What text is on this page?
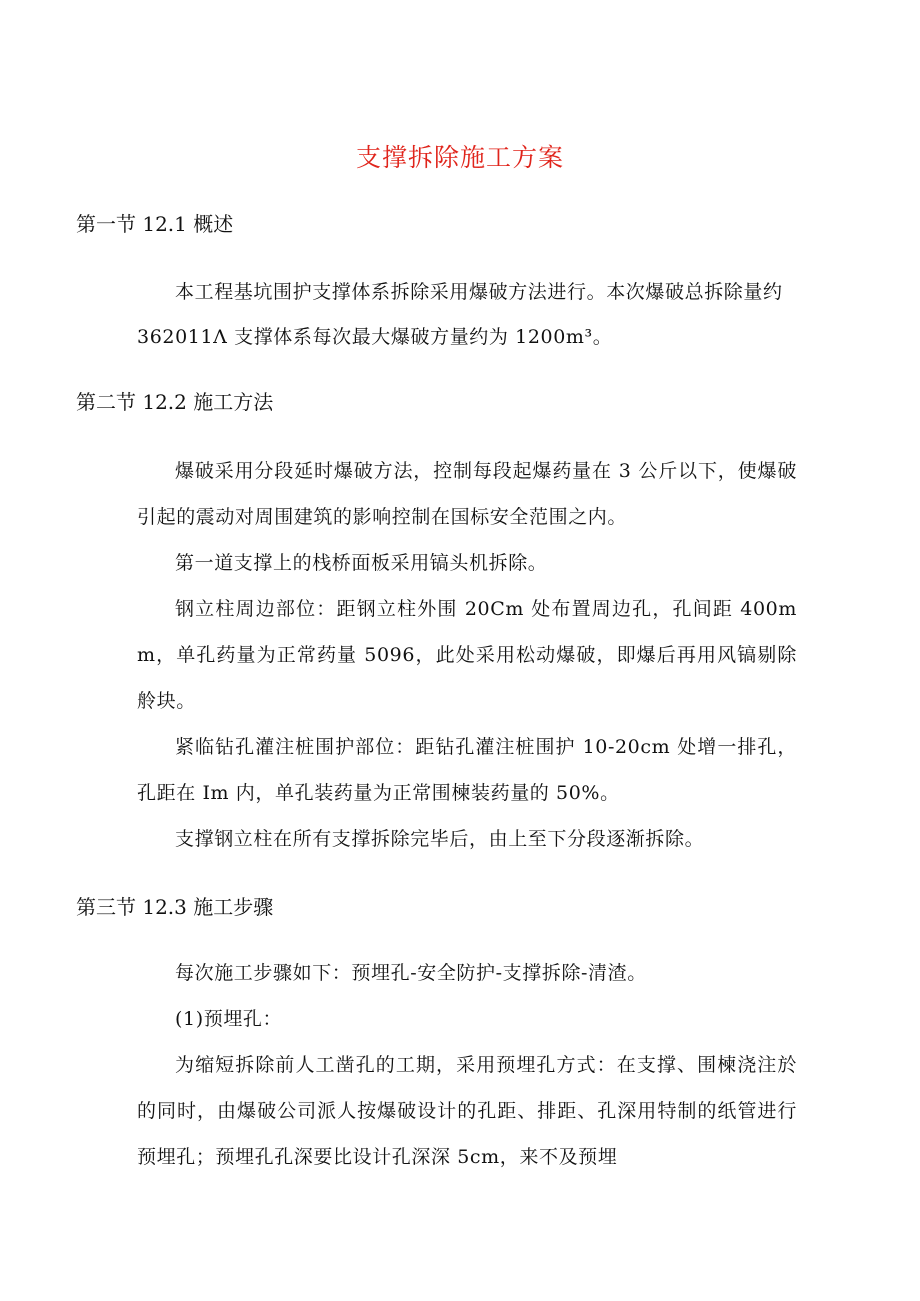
支撑拆除施工方案
第一节 12.1 概述
本工程基坑围护支撑体系拆除采用爆破方法进行。本次爆破总拆除量约
362011Λ 支撑体系每次最大爆破方量约为 1200m³。
第二节 12.2 施工方法
爆破采用分段延时爆破方法，控制每段起爆药量在 3 公斤以下，使爆破引起的震动对周围建筑的影响控制在国标安全范围之内。
第一道支撑上的栈桥面板采用镐头机拆除。
钢立柱周边部位：距钢立柱外围 20Cm 处布置周边孔，孔间距 400mm，单孔药量为正常药量 5096，此处采用松动爆破，即爆后再用风镐剔除舲块。
紧临钻孔灌注桩围护部位：距钻孔灌注桩围护 10-20cm 处增一排孔，孔距在 Im 内，单孔装药量为正常围楝装药量的 50%。
支撑钢立柱在所有支撑拆除完毕后，由上至下分段逐渐拆除。
第三节 12.3 施工步骤
每次施工步骤如下：预埋孔-安全防护-支撑拆除-清渣。
(1)预埋孔：
为缩短拆除前人工凿孔的工期，采用预埋孔方式：在支撑、围楝浇注於的同时，由爆破公司派人按爆破设计的孔距、排距、孔深用特制的纸管进行预埋孔；预埋孔孔深要比设计孔深深 5cm，来不及预埋
